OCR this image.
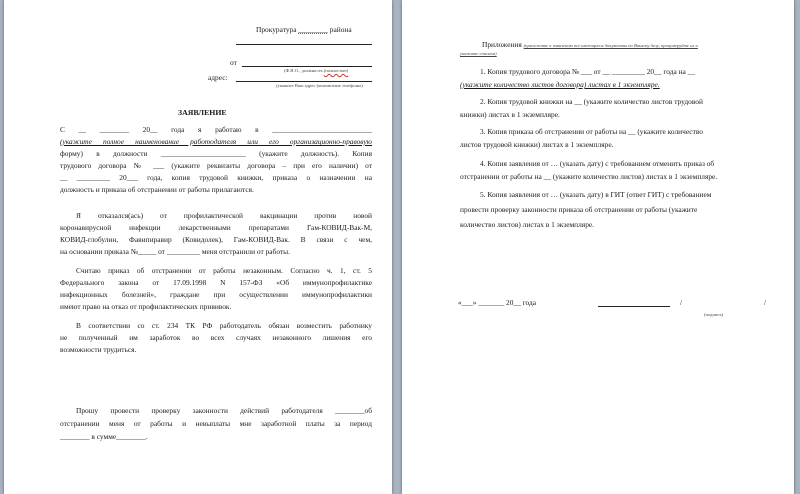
Прокуратура ________ района
от
(Ф.И.О., должность (полностью)
адрес:
(укажите Ваш адрес (контактные телефоны)
ЗАЯВЛЕНИЕ
С __ ________ 20__ года я работаю в ___________________________
(укажите полное наименование работодателя или его организационно-правовую
форму) в должности _______________________ (укажите должность). Копия
трудового договора № ___ (укажите реквизиты договора – при его наличии) от
__ _________ 20___ года, копия трудовой книжки, приказа о назначении на
должность и приказа об отстранении от работы прилагаются.
Я отказался(ась) от профилактической вакцинации против новой
коронавирусной инфекции лекарственными препаратами Гам-КОВИД-Вак-М,
КОВИД-глобулин, Фавипиравир (Ковидолек), Гам-КОВИД-Вак. В связи с чем,
на основании приказа №_____ от _________ меня отстранили от работы.
Считаю приказ об отстранении от работы незаконным. Согласно ч. 1, ст. 5
Федерального закона от 17.09.1998 N 157-ФЗ «Об иммунопрофилактике
инфекционных болезней», граждане при осуществлении иммунопрофилактики
имеют право на отказ от профилактических прививок.
В соответствии со ст. 234 ТК РФ работодатель обязан возместить работнику
не полученный им заработок во всех случаях незаконного лишения его
возможности трудиться.
Прошу провести проверку законности действий работодателя ________об
отстранении меня от работы и невыплаты мне заработной платы за период
________ в сумме________.
Приложения (приложите к заявлению все имеющиеся документы по Вашему делу, пронумеруйте их и
укажите списком)
1. Копия трудового договора № ___ от __ _________ 20__ года на __
(укажите количество листов договора) листах в 1 экземпляре.
2. Копия трудовой книжки на __ (укажите количество листов трудовой
книжки) листах в 1 экземпляре.
3. Копия приказа об отстранении от работы на __ (укажите количество
листов трудовой книжки) листах в 1 экземпляре.
4. Копия заявления от … (указать дату) с требованием отменить приказ об
отстранении от работы на __ (укажите количество листов) листах в 1 экземпляре.
5. Копия заявления от … (указать дату) в ГИТ (ответ ГИТ) с требованием
провести проверку законности приказа об отстранении от работы (укажите
количество листов) листах в 1 экземпляре.
«___» _______ 20__ года	/	/
(подпись)
